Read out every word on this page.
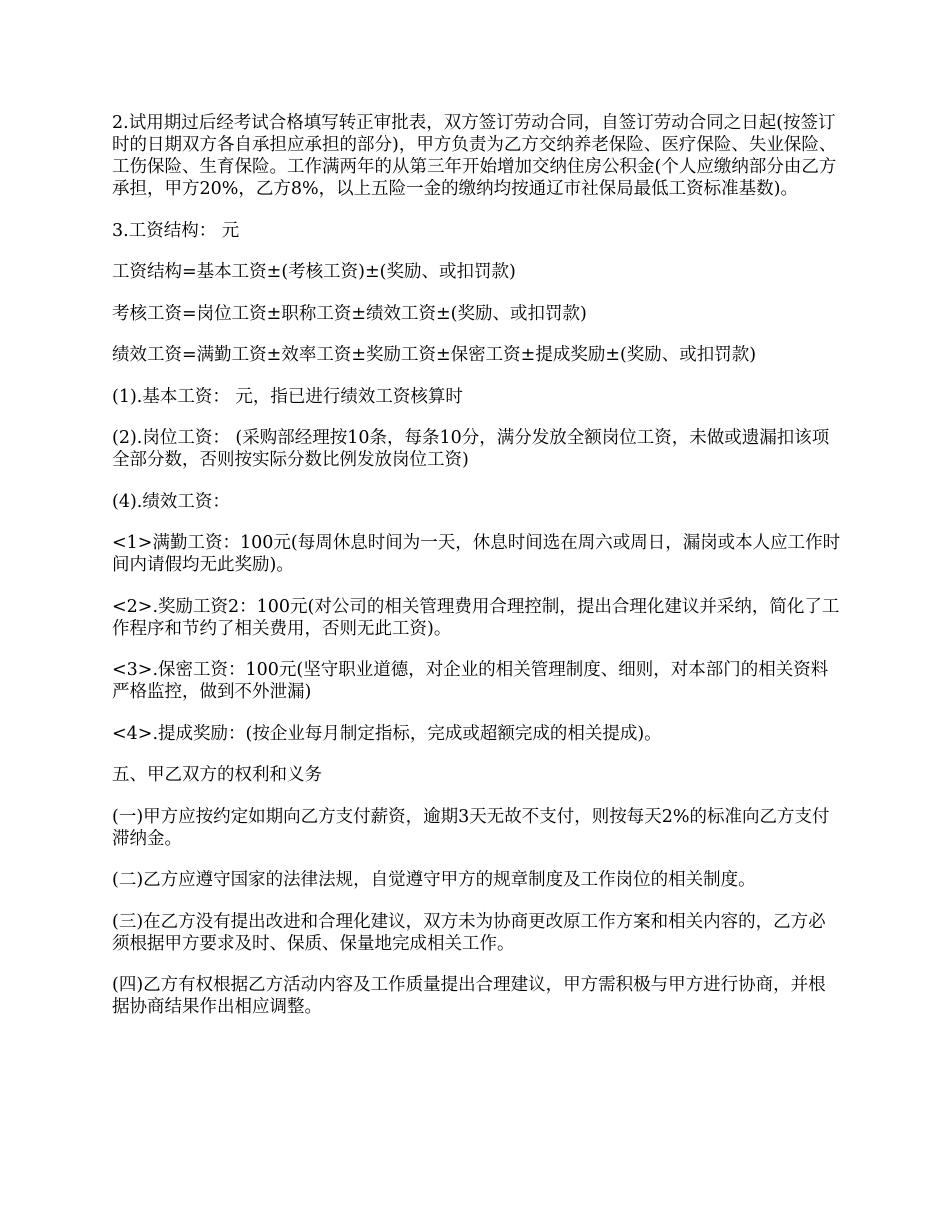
2.试用期过后经考试合格填写转正审批表，双方签订劳动合同，自签订劳动合同之日起(按签订时的日期双方各自承担应承担的部分)，甲方负责为乙方交纳养老保险、医疗保险、失业保险、工伤保险、生育保险。工作满两年的从第三年开始增加交纳住房公积金(个人应缴纳部分由乙方承担，甲方20%，乙方8%，以上五险一金的缴纳均按通辽市社保局最低工资标准基数)。

3.工资结构： 元

工资结构=基本工资±(考核工资)±(奖励、或扣罚款)

考核工资=岗位工资±职称工资±绩效工资±(奖励、或扣罚款)

绩效工资=满勤工资±效率工资±奖励工资±保密工资±提成奖励±(奖励、或扣罚款)

(1).基本工资： 元，指已进行绩效工资核算时

(2).岗位工资： (采购部经理按10条，每条10分，满分发放全额岗位工资，未做或遗漏扣该项全部分数，否则按实际分数比例发放岗位工资)

(4).绩效工资：

<1>满勤工资：100元(每周休息时间为一天，休息时间选在周六或周日，漏岗或本人应工作时间内请假均无此奖励)。

<2>.奖励工资2：100元(对公司的相关管理费用合理控制，提出合理化建议并采纳，简化了工作程序和节约了相关费用，否则无此工资)。

<3>.保密工资：100元(坚守职业道德，对企业的相关管理制度、细则，对本部门的相关资料严格监控，做到不外泄漏)

<4>.提成奖励：(按企业每月制定指标，完成或超额完成的相关提成)。

五、甲乙双方的权利和义务

(一)甲方应按约定如期向乙方支付薪资，逾期3天无故不支付，则按每天2%的标准向乙方支付滞纳金。

(二)乙方应遵守国家的法律法规，自觉遵守甲方的规章制度及工作岗位的相关制度。

(三)在乙方没有提出改进和合理化建议，双方未为协商更改原工作方案和相关内容的，乙方必须根据甲方要求及时、保质、保量地完成相关工作。

(四)乙方有权根据乙方活动内容及工作质量提出合理建议，甲方需积极与甲方进行协商，并根据协商结果作出相应调整。
